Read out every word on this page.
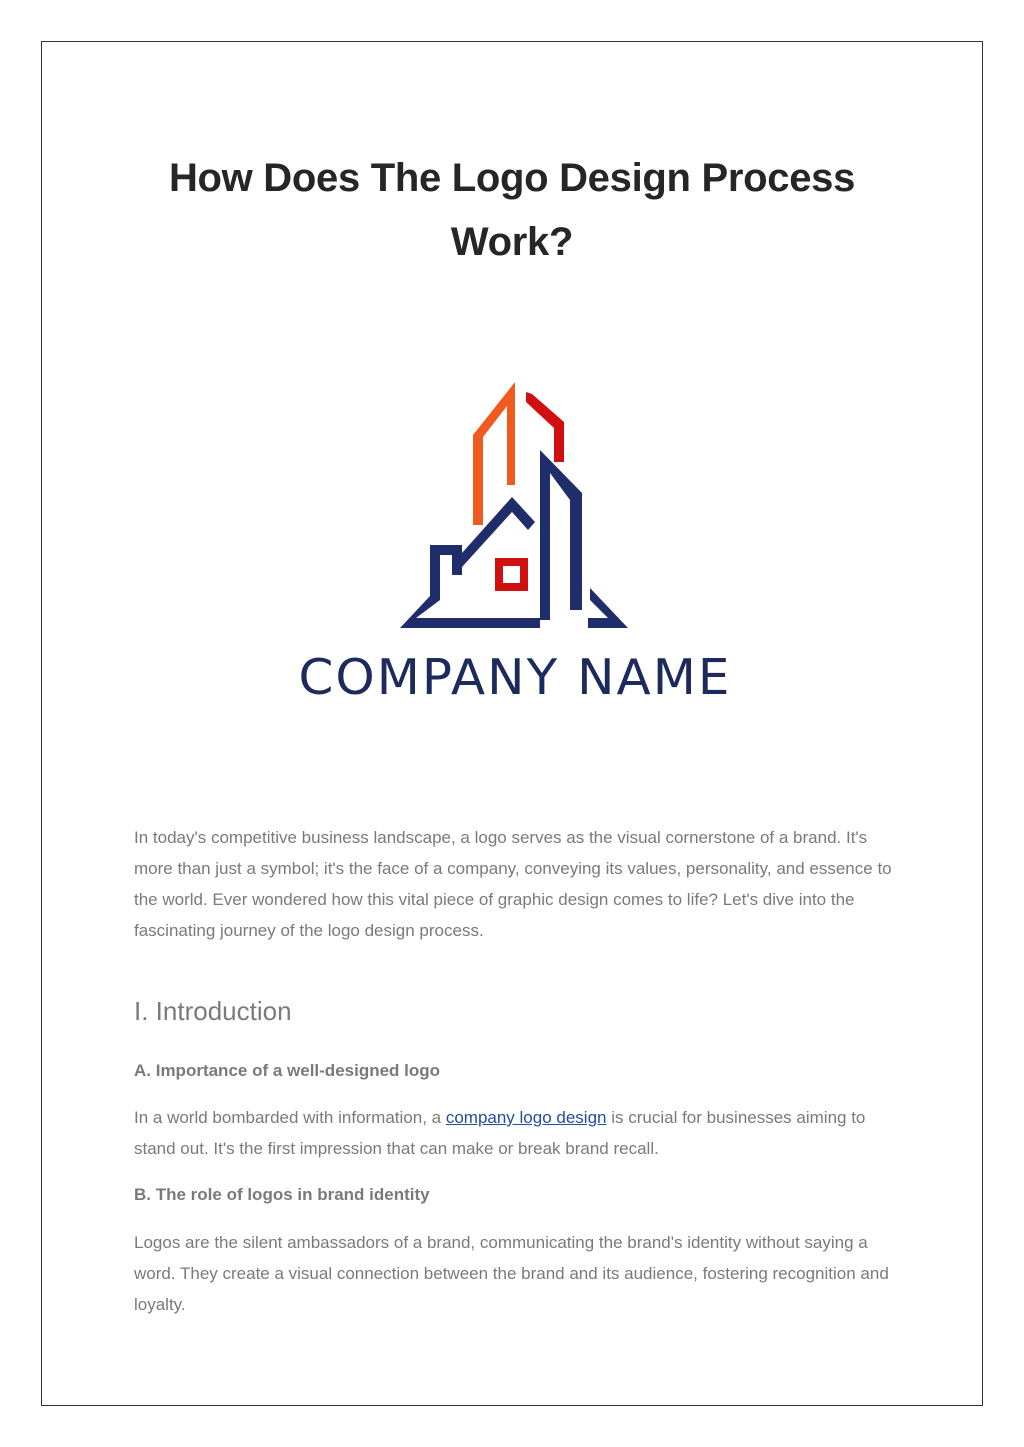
How Does The Logo Design Process
Work?
COMPANY NAME

In today's competitive business landscape, a logo serves as the visual cornerstone of a brand. It's more than just a symbol; it's the face of a company, conveying its values, personality, and essence to the world. Ever wondered how this vital piece of graphic design comes to life? Let's dive into the fascinating journey of the logo design process.

I. Introduction
A. Importance of a well-designed logo

In a world bombarded with information, a company logo design is crucial for businesses aiming to stand out. It's the first impression that can make or break brand recall.

B. The role of logos in brand identity

Logos are the silent ambassadors of a brand, communicating the brand's identity without saying a word. They create a visual connection between the brand and its audience, fostering recognition and loyalty.
